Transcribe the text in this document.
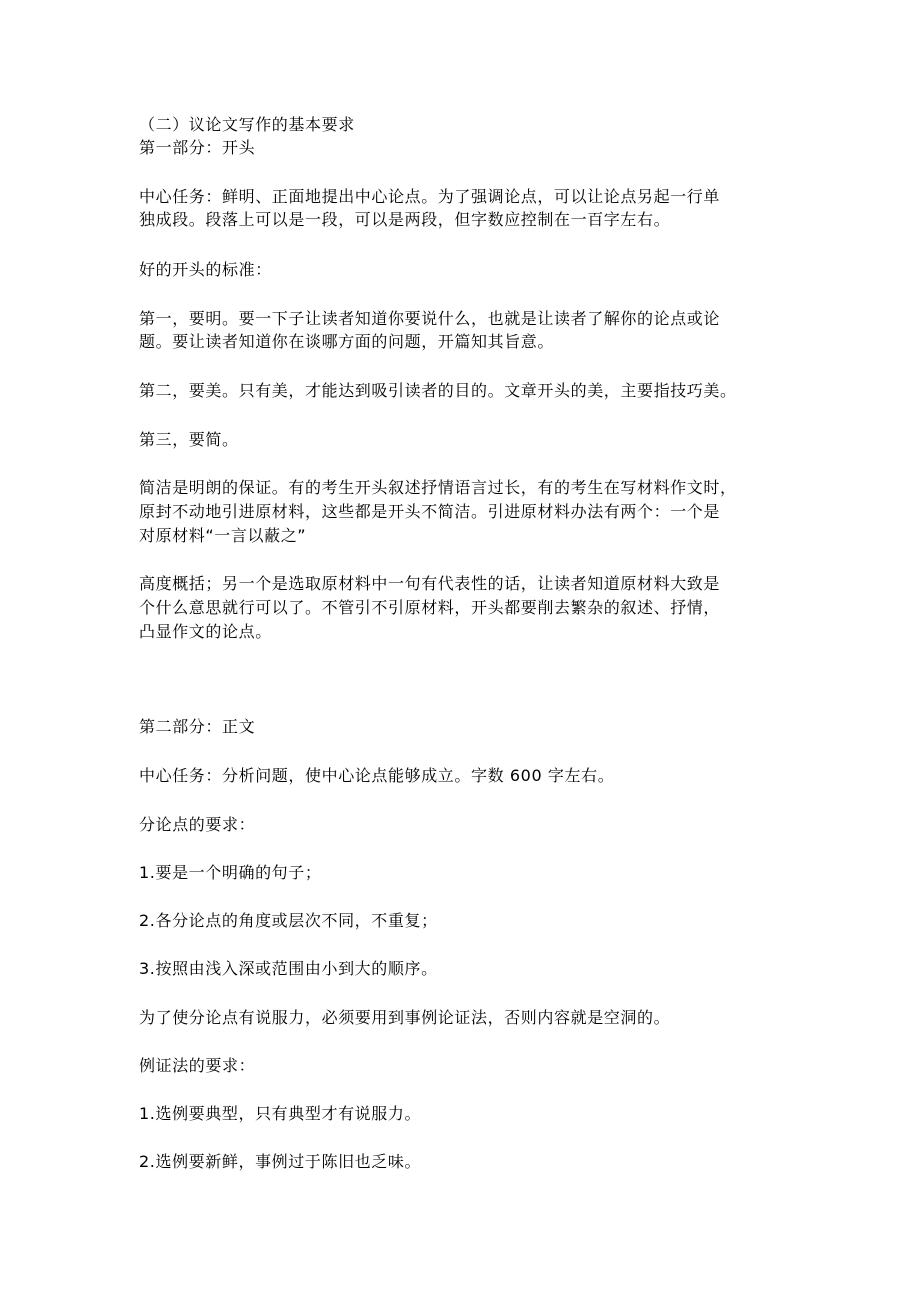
（二）议论文写作的基本要求
第一部分：开头
中心任务：鲜明、正面地提出中心论点。为了强调论点，可以让论点另起一行单
独成段。段落上可以是一段，可以是两段，但字数应控制在一百字左右。
好的开头的标准：
第一，要明。要一下子让读者知道你要说什么，也就是让读者了解你的论点或论
题。要让读者知道你在谈哪方面的问题，开篇知其旨意。
第二，要美。只有美，才能达到吸引读者的目的。文章开头的美，主要指技巧美。
第三，要简。
简洁是明朗的保证。有的考生开头叙述抒情语言过长，有的考生在写材料作文时，
原封不动地引进原材料，这些都是开头不简洁。引进原材料办法有两个：一个是
对原材料“一言以蔽之”
高度概括；另一个是选取原材料中一句有代表性的话，让读者知道原材料大致是
个什么意思就行可以了。不管引不引原材料，开头都要削去繁杂的叙述、抒情，
凸显作文的论点。
第二部分：正文
中心任务：分析问题，使中心论点能够成立。字数 600 字左右。
分论点的要求：
1.要是一个明确的句子；
2.各分论点的角度或层次不同，不重复；
3.按照由浅入深或范围由小到大的顺序。
为了使分论点有说服力，必须要用到事例论证法，否则内容就是空洞的。
例证法的要求：
1.选例要典型，只有典型才有说服力。
2.选例要新鲜，事例过于陈旧也乏味。
